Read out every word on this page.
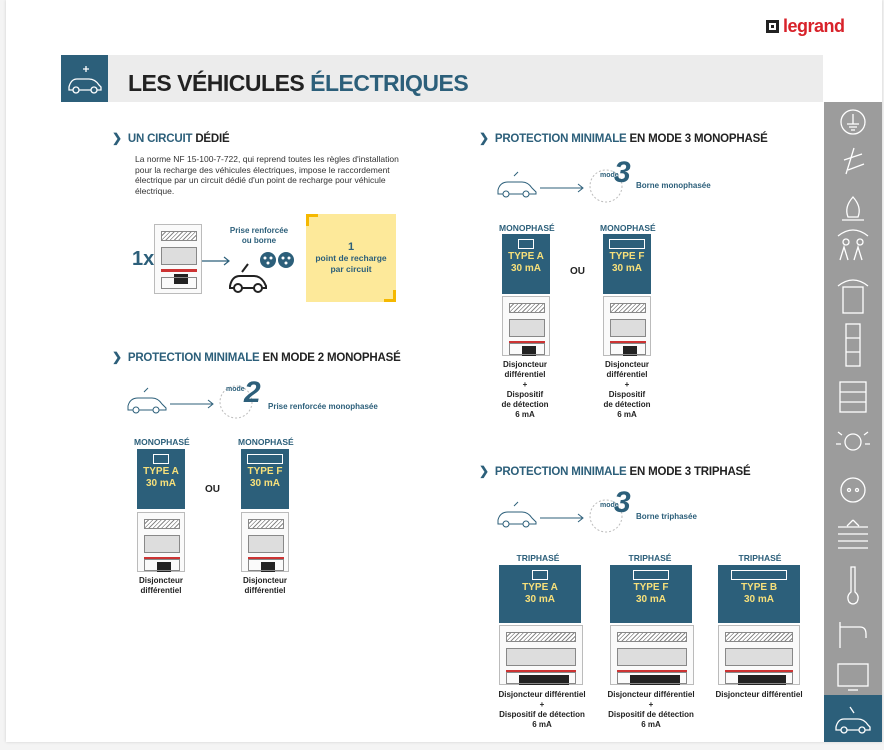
legrand
LES VÉHICULES ÉLECTRIQUES
❯ UN CIRCUIT DÉDIÉ
La norme NF 15-100-7-722, qui reprend toutes les règles d'installation pour la recharge des véhicules électriques, impose le raccordement électrique par un circuit dédié d'un point de recharge pour véhicule électrique.
1x
Prise renforcée
ou borne
1
point de recharge
par circuit
❯ PROTECTION MINIMALE EN MODE 2 MONOPHASÉ
mode 2 Prise renforcée monophasée
MONOPHASÉ
TYPE A
30 mA
Disjoncteur
différentiel
OU
MONOPHASÉ
TYPE F
30 mA
Disjoncteur
différentiel
❯ PROTECTION MINIMALE EN MODE 3 MONOPHASÉ
mode
3 Borne monophasée
MONOPHASÉ
TYPE A
30 mA
Disjoncteur
différentiel
+
Dispositif
de détection
6 mA
OU
MONOPHASÉ
TYPE F
30 mA
Disjoncteur
différentiel
+
Dispositif
de détection
6 mA
❯ PROTECTION MINIMALE EN MODE 3 TRIPHASÉ
mode
3 Borne triphasée
TRIPHASÉ
TYPE A
30 mA
Disjoncteur différentiel
+
Dispositif de détection
6 mA
TRIPHASÉ
TYPE F
30 mA
Disjoncteur différentiel
+
Dispositif de détection
6 mA
TRIPHASÉ
TYPE B
30 mA
Disjoncteur différentiel
